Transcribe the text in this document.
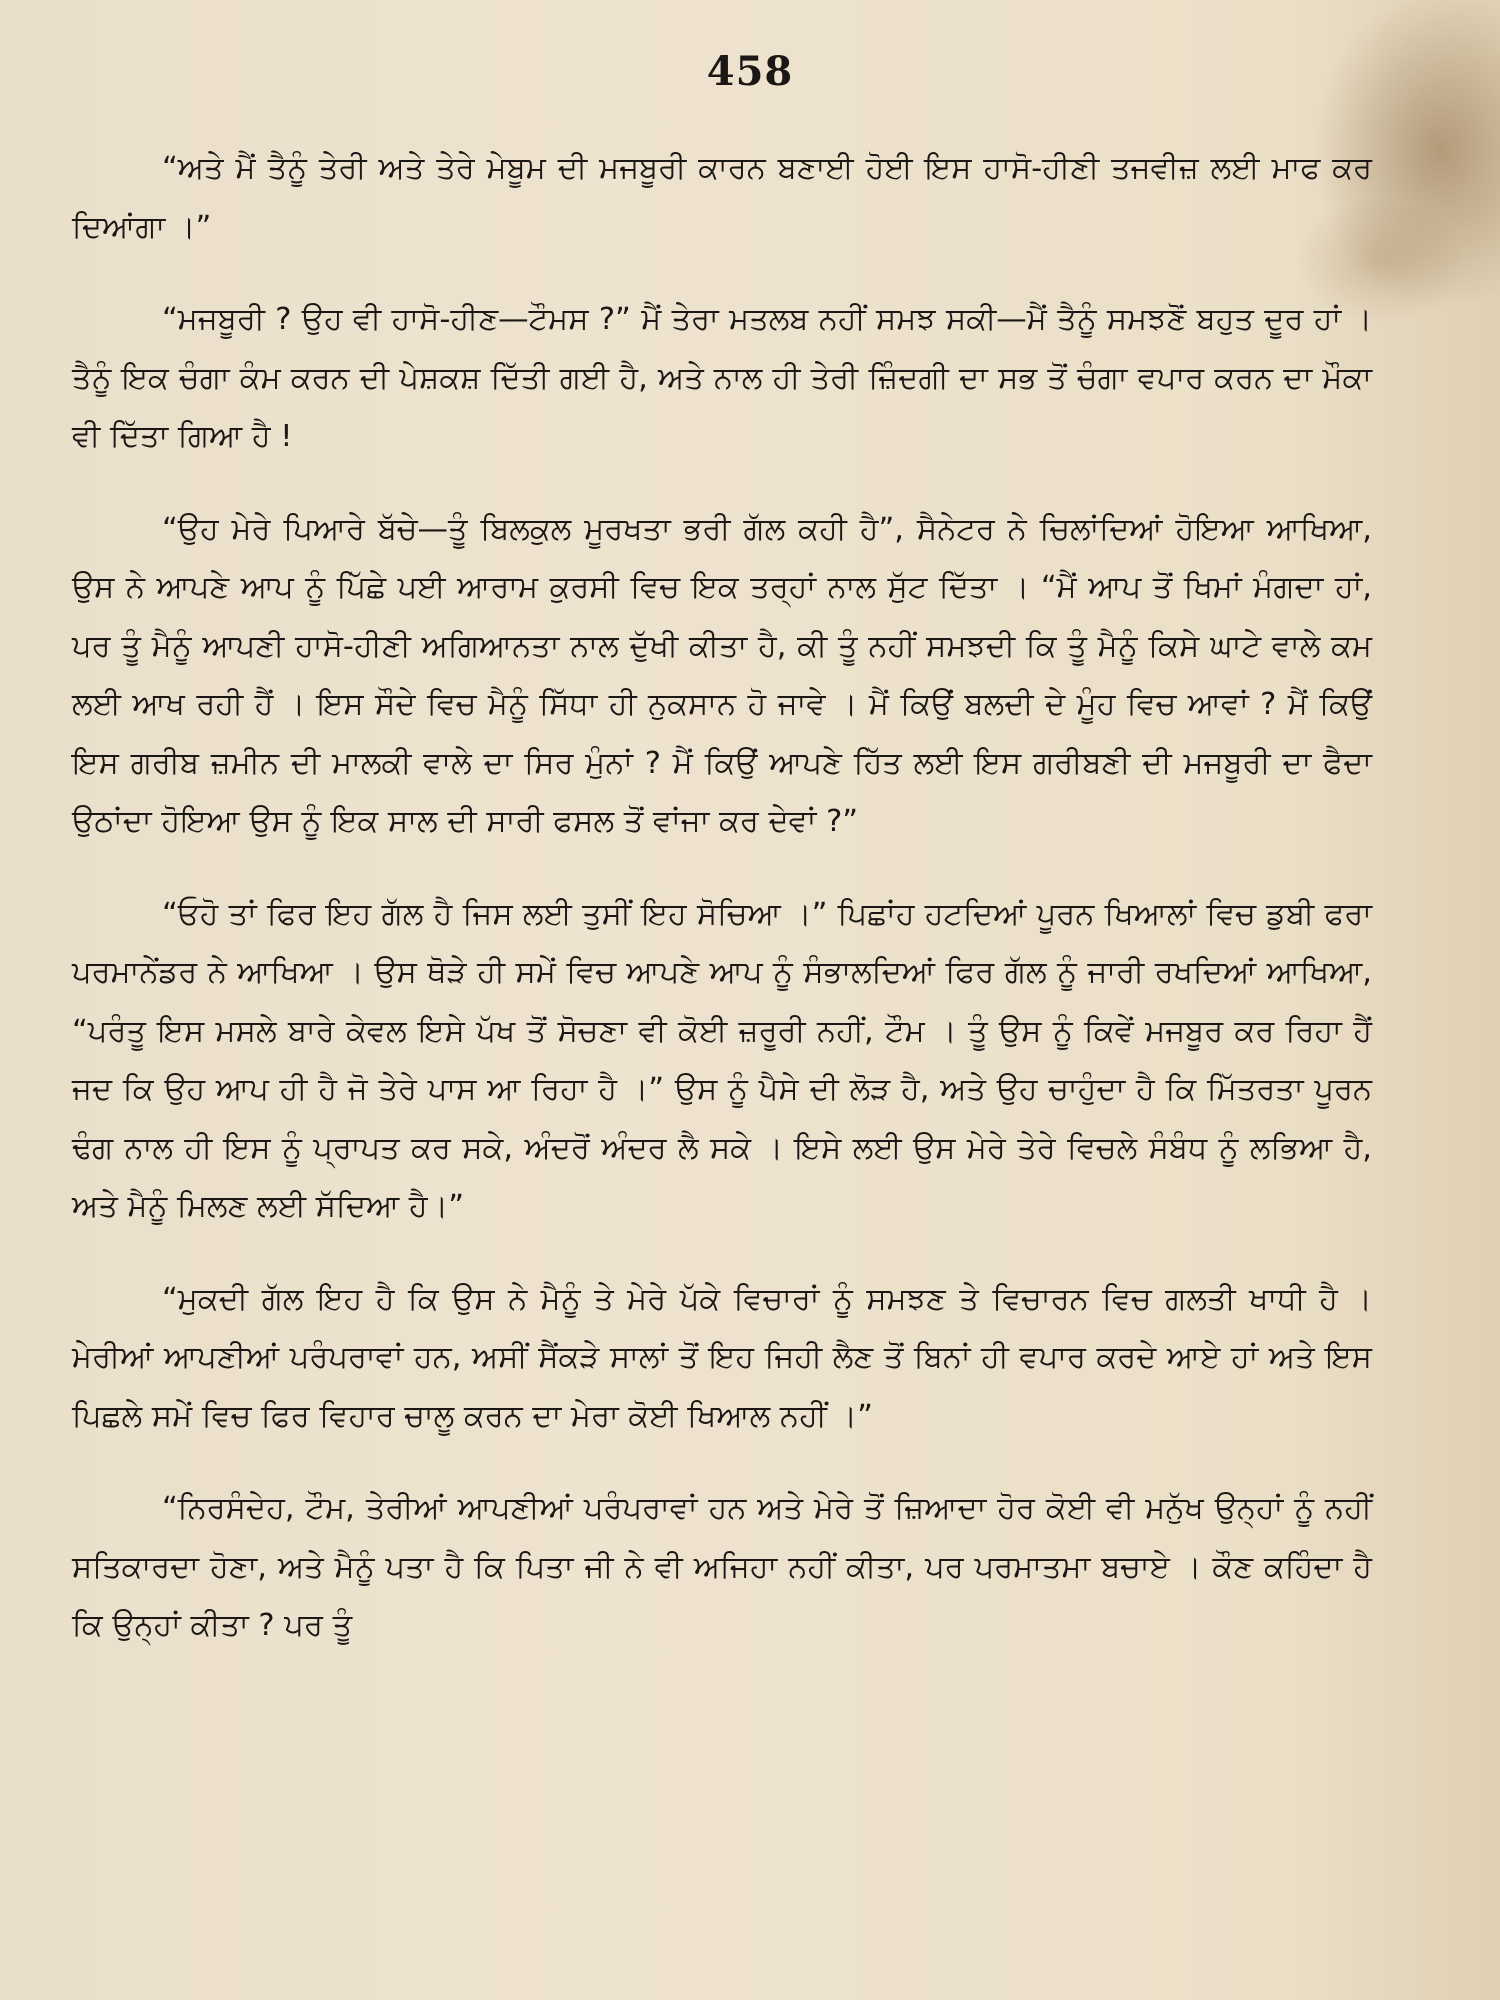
458

“ਅਤੇ ਮੈਂ ਤੈਨੂੰ ਤੇਰੀ ਅਤੇ ਤੇਰੇ ਮੇਬੂਮ ਦੀ ਮਜਬੂਰੀ ਕਾਰਨ ਬਣਾਈ ਹੋਈ ਇਸ ਹਾਸੋ-ਹੀਣੀ ਤਜਵੀਜ਼ ਲਈ ਮਾਫ ਕਰ ਦਿਆਂਗਾ ।”

“ਮਜਬੂਰੀ ? ਉਹ ਵੀ ਹਾਸੋ-ਹੀਣ—ਟੌਮਸ ?” ਮੈਂ ਤੇਰਾ ਮਤਲਬ ਨਹੀਂ ਸਮਝ ਸਕੀ—ਮੈਂ ਤੈਨੂੰ ਸਮਝਣੋਂ ਬਹੁਤ ਦੂਰ ਹਾਂ । ਤੈਨੂੰ ਇਕ ਚੰਗਾ ਕੰਮ ਕਰਨ ਦੀ ਪੇਸ਼ਕਸ਼ ਦਿੱਤੀ ਗਈ ਹੈ, ਅਤੇ ਨਾਲ ਹੀ ਤੇਰੀ ਜ਼ਿੰਦਗੀ ਦਾ ਸਭ ਤੋਂ ਚੰਗਾ ਵਪਾਰ ਕਰਨ ਦਾ ਮੌਕਾ ਵੀ ਦਿੱਤਾ ਗਿਆ ਹੈ !

“ਉਹ ਮੇਰੇ ਪਿਆਰੇ ਬੱਚੇ—ਤੂੰ ਬਿਲਕੁਲ ਮੂਰਖਤਾ ਭਰੀ ਗੱਲ ਕਹੀ ਹੈ”, ਸੈਨੇਟਰ ਨੇ ਚਿਲਾਂਦਿਆਂ ਹੋਇਆ ਆਖਿਆ, ਉਸ ਨੇ ਆਪਣੇ ਆਪ ਨੂੰ ਪਿੱਛੇ ਪਈ ਆਰਾਮ ਕੁਰਸੀ ਵਿਚ ਇਕ ਤਰ੍ਹਾਂ ਨਾਲ ਸੁੱਟ ਦਿੱਤਾ । “ਮੈਂ ਆਪ ਤੋਂ ਖਿਮਾਂ ਮੰਗਦਾ ਹਾਂ, ਪਰ ਤੂੰ ਮੈਨੂੰ ਆਪਣੀ ਹਾਸੋ-ਹੀਣੀ ਅਗਿਆਨਤਾ ਨਾਲ ਦੁੱਖੀ ਕੀਤਾ ਹੈ, ਕੀ ਤੂੰ ਨਹੀਂ ਸਮਝਦੀ ਕਿ ਤੂੰ ਮੈਨੂੰ ਕਿਸੇ ਘਾਟੇ ਵਾਲੇ ਕਮ ਲਈ ਆਖ ਰਹੀ ਹੈਂ । ਇਸ ਸੌਦੇ ਵਿਚ ਮੈਨੂੰ ਸਿੱਧਾ ਹੀ ਨੁਕਸਾਨ ਹੋ ਜਾਵੇ । ਮੈਂ ਕਿਉਂ ਬਲਦੀ ਦੇ ਮੂੰਹ ਵਿਚ ਆਵਾਂ ? ਮੈਂ ਕਿਉਂ ਇਸ ਗਰੀਬ ਜ਼ਮੀਨ ਦੀ ਮਾਲਕੀ ਵਾਲੇ ਦਾ ਸਿਰ ਮੁੰਨਾਂ ? ਮੈਂ ਕਿਉਂ ਆਪਣੇ ਹਿੱਤ ਲਈ ਇਸ ਗਰੀਬਣੀ ਦੀ ਮਜਬੂਰੀ ਦਾ ਫੈਦਾ ਉਠਾਂਦਾ ਹੋਇਆ ਉਸ ਨੂੰ ਇਕ ਸਾਲ ਦੀ ਸਾਰੀ ਫਸਲ ਤੋਂ ਵਾਂਜਾ ਕਰ ਦੇਵਾਂ ?”

“ਓਹੋ ਤਾਂ ਫਿਰ ਇਹ ਗੱਲ ਹੈ ਜਿਸ ਲਈ ਤੁਸੀਂ ਇਹ ਸੋਚਿਆ ।” ਪਿਛਾਂਹ ਹਟਦਿਆਂ ਪੂਰਨ ਖਿਆਲਾਂ ਵਿਚ ਡੁਬੀ ਫਰਾ ਪਰਮਾਨੇਂਡਰ ਨੇ ਆਖਿਆ । ਉਸ ਥੋੜੇ ਹੀ ਸਮੇਂ ਵਿਚ ਆਪਣੇ ਆਪ ਨੂੰ ਸੰਭਾਲਦਿਆਂ ਫਿਰ ਗੱਲ ਨੂੰ ਜਾਰੀ ਰਖਦਿਆਂ ਆਖਿਆ, “ਪਰੰਤੂ ਇਸ ਮਸਲੇ ਬਾਰੇ ਕੇਵਲ ਇਸੇ ਪੱਖ ਤੋਂ ਸੋਚਣਾ ਵੀ ਕੋਈ ਜ਼ਰੂਰੀ ਨਹੀਂ, ਟੌਮ । ਤੂੰ ਉਸ ਨੂੰ ਕਿਵੇਂ ਮਜਬੂਰ ਕਰ ਰਿਹਾ ਹੈਂ ਜਦ ਕਿ ਉਹ ਆਪ ਹੀ ਹੈ ਜੋ ਤੇਰੇ ਪਾਸ ਆ ਰਿਹਾ ਹੈ ।” ਉਸ ਨੂੰ ਪੈਸੇ ਦੀ ਲੋੜ ਹੈ, ਅਤੇ ਉਹ ਚਾਹੁੰਦਾ ਹੈ ਕਿ ਮਿੱਤਰਤਾ ਪੂਰਨ ਢੰਗ ਨਾਲ ਹੀ ਇਸ ਨੂੰ ਪ੍ਰਾਪਤ ਕਰ ਸਕੇ, ਅੰਦਰੋਂ ਅੰਦਰ ਲੈ ਸਕੇ । ਇਸੇ ਲਈ ਉਸ ਮੇਰੇ ਤੇਰੇ ਵਿਚਲੇ ਸੰਬੰਧ ਨੂੰ ਲਭਿਆ ਹੈ, ਅਤੇ ਮੈਨੂੰ ਮਿਲਣ ਲਈ ਸੱਦਿਆ ਹੈ।”

“ਮੁਕਦੀ ਗੱਲ ਇਹ ਹੈ ਕਿ ਉਸ ਨੇ ਮੈਨੂੰ ਤੇ ਮੇਰੇ ਪੱਕੇ ਵਿਚਾਰਾਂ ਨੂੰ ਸਮਝਣ ਤੇ ਵਿਚਾਰਨ ਵਿਚ ਗਲਤੀ ਖਾਧੀ ਹੈ । ਮੇਰੀਆਂ ਆਪਣੀਆਂ ਪਰੰਪਰਾਵਾਂ ਹਨ, ਅਸੀਂ ਸੈਂਕੜੇ ਸਾਲਾਂ ਤੋਂ ਇਹ ਜਿਹੀ ਲੈਣ ਤੋਂ ਬਿਨਾਂ ਹੀ ਵਪਾਰ ਕਰਦੇ ਆਏ ਹਾਂ ਅਤੇ ਇਸ ਪਿਛਲੇ ਸਮੇਂ ਵਿਚ ਫਿਰ ਵਿਹਾਰ ਚਾਲੂ ਕਰਨ ਦਾ ਮੇਰਾ ਕੋਈ ਖਿਆਲ ਨਹੀਂ ।”

“ਨਿਰਸੰਦੇਹ, ਟੌਮ, ਤੇਰੀਆਂ ਆਪਣੀਆਂ ਪਰੰਪਰਾਵਾਂ ਹਨ ਅਤੇ ਮੇਰੇ ਤੋਂ ਜ਼ਿਆਦਾ ਹੋਰ ਕੋਈ ਵੀ ਮਨੁੱਖ ਉਨ੍ਹਾਂ ਨੂੰ ਨਹੀਂ ਸਤਿਕਾਰਦਾ ਹੋਣਾ, ਅਤੇ ਮੈਨੂੰ ਪਤਾ ਹੈ ਕਿ ਪਿਤਾ ਜੀ ਨੇ ਵੀ ਅਜਿਹਾ ਨਹੀਂ ਕੀਤਾ, ਪਰ ਪਰਮਾਤਮਾ ਬਚਾਏ । ਕੌਣ ਕਹਿੰਦਾ ਹੈ ਕਿ ਉਨ੍ਹਾਂ ਕੀਤਾ ? ਪਰ ਤੂੰ
